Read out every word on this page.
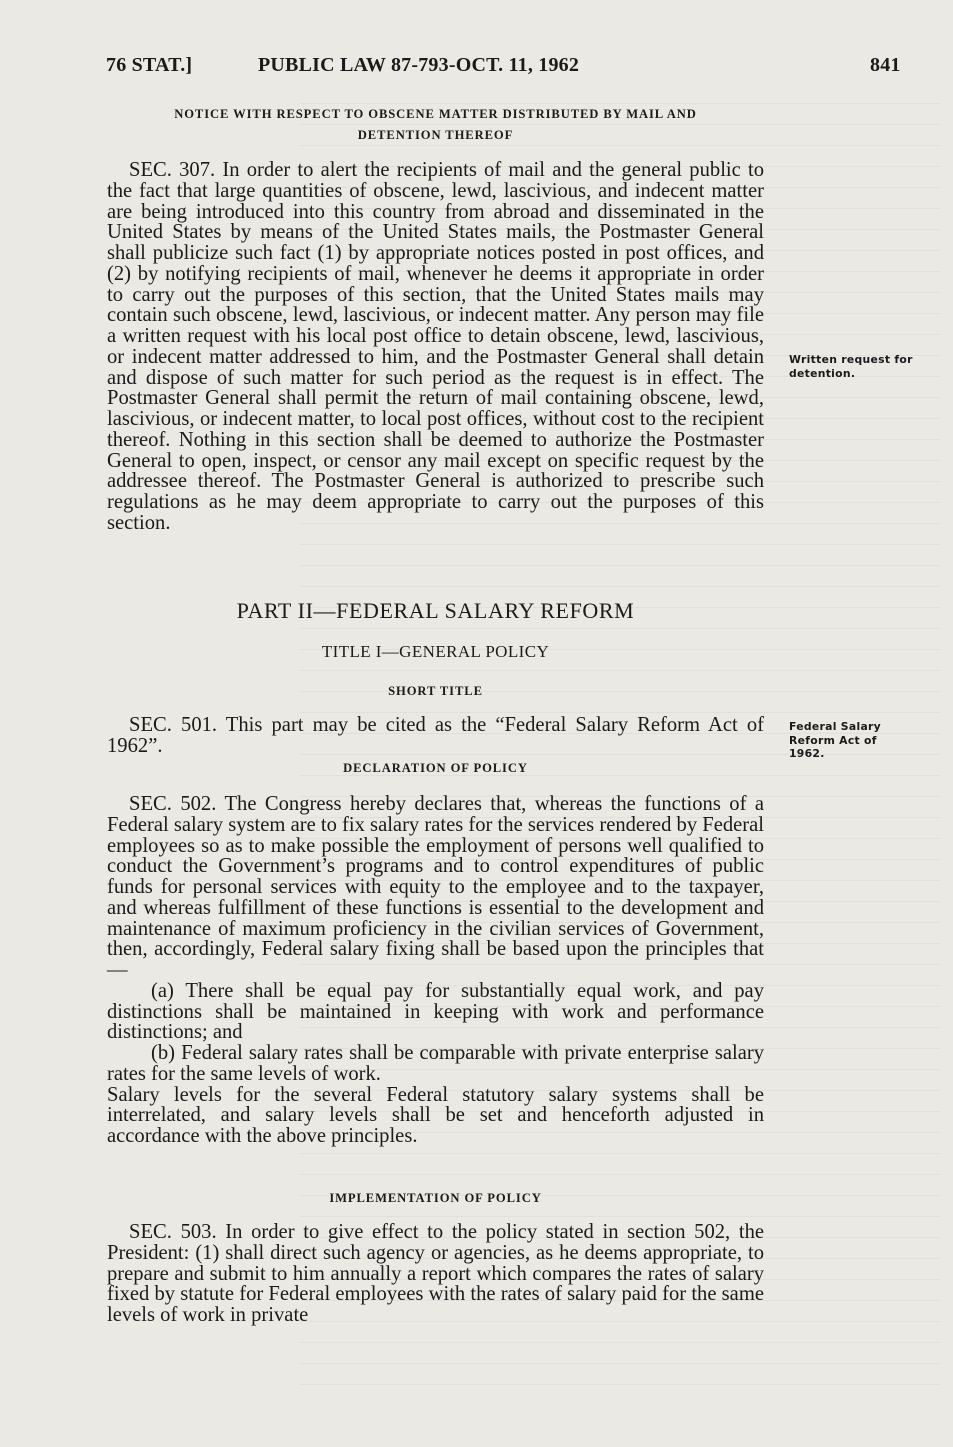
76 STAT.]	PUBLIC LAW 87-793-OCT. 11, 1962	841
NOTICE WITH RESPECT TO OBSCENE MATTER DISTRIBUTED BY MAIL AND
DETENTION THEREOF

SEC. 307. In order to alert the recipients of mail and the general public to the fact that large quantities of obscene, lewd, lascivious, and indecent matter are being introduced into this country from abroad and disseminated in the United States by means of the United States mails, the Postmaster General shall publicize such fact (1) by appropriate notices posted in post offices, and (2) by notifying recipients of mail, whenever he deems it appropriate in order to carry out the purposes of this section, that the United States mails may contain such obscene, lewd, lascivious, or indecent matter. Any person may file a written request with his local post office to detain obscene, lewd, lascivious, or indecent matter addressed to him, and the Postmaster General shall detain and dispose of such matter for such period as the request is in effect. The Postmaster General shall permit the return of mail containing obscene, lewd, lascivious, or indecent matter, to local post offices, without cost to the recipient thereof. Nothing in this section shall be deemed to authorize the Postmaster General to open, inspect, or censor any mail except on specific request by the addressee thereof. The Postmaster General is authorized to prescribe such regulations as he may deem appropriate to carry out the purposes of this section.

Written request for detention.
PART II—FEDERAL SALARY REFORM
TITLE I—GENERAL POLICY
SHORT TITLE

SEC. 501. This part may be cited as the “Federal Salary Reform Act of 1962”.

Federal Salary Reform Act of 1962.
DECLARATION OF POLICY

SEC. 502. The Congress hereby declares that, whereas the functions of a Federal salary system are to fix salary rates for the services rendered by Federal employees so as to make possible the employment of persons well qualified to conduct the Government’s programs and to control expenditures of public funds for personal services with equity to the employee and to the taxpayer, and whereas fulfillment of these functions is essential to the development and maintenance of maximum proficiency in the civilian services of Government, then, accordingly, Federal salary fixing shall be based upon the principles that—

(a) There shall be equal pay for substantially equal work, and pay distinctions shall be maintained in keeping with work and performance distinctions; and

(b) Federal salary rates shall be comparable with private enterprise salary rates for the same levels of work.

Salary levels for the several Federal statutory salary systems shall be interrelated, and salary levels shall be set and henceforth adjusted in accordance with the above principles.

IMPLEMENTATION OF POLICY

SEC. 503. In order to give effect to the policy stated in section 502, the President: (1) shall direct such agency or agencies, as he deems appropriate, to prepare and submit to him annually a report which compares the rates of salary fixed by statute for Federal employees with the rates of salary paid for the same levels of work in private
